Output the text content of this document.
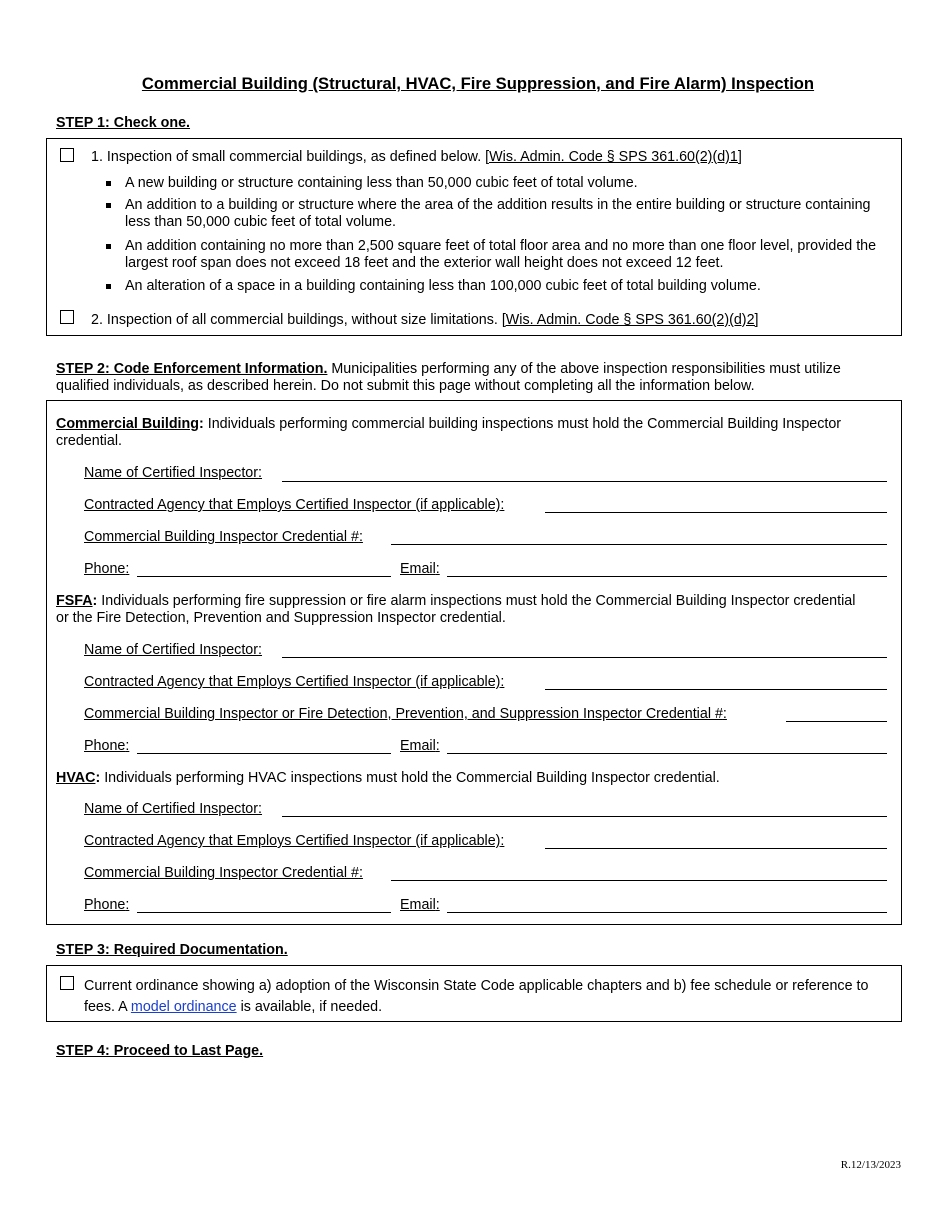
Commercial Building (Structural, HVAC, Fire Suppression, and Fire Alarm) Inspection
STEP 1: Check one.
1. Inspection of small commercial buildings, as defined below. [Wis. Admin. Code § SPS 361.60(2)(d)1]
A new building or structure containing less than 50,000 cubic feet of total volume.
An addition to a building or structure where the area of the addition results in the entire building or structure containing less than 50,000 cubic feet of total volume.
An addition containing no more than 2,500 square feet of total floor area and no more than one floor level, provided the largest roof span does not exceed 18 feet and the exterior wall height does not exceed 12 feet.
An alteration of a space in a building containing less than 100,000 cubic feet of total building volume.
2. Inspection of all commercial buildings, without size limitations. [Wis. Admin. Code § SPS 361.60(2)(d)2]
STEP 2: Code Enforcement Information. Municipalities performing any of the above inspection responsibilities must utilize qualified individuals, as described herein. Do not submit this page without completing all the information below.
Commercial Building: Individuals performing commercial building inspections must hold the Commercial Building Inspector credential.
Name of Certified Inspector:
Contracted Agency that Employs Certified Inspector (if applicable):
Commercial Building Inspector Credential #:
Phone:	Email:
FSFA: Individuals performing fire suppression or fire alarm inspections must hold the Commercial Building Inspector credential or the Fire Detection, Prevention and Suppression Inspector credential.
Name of Certified Inspector:
Contracted Agency that Employs Certified Inspector (if applicable):
Commercial Building Inspector or Fire Detection, Prevention, and Suppression Inspector Credential #:
Phone:	Email:
HVAC: Individuals performing HVAC inspections must hold the Commercial Building Inspector credential.
Name of Certified Inspector:
Contracted Agency that Employs Certified Inspector (if applicable):
Commercial Building Inspector Credential #:
Phone:	Email:
STEP 3: Required Documentation.
Current ordinance showing a) adoption of the Wisconsin State Code applicable chapters and b) fee schedule or reference to fees. A model ordinance is available, if needed.
STEP 4: Proceed to Last Page.
R.12/13/2023
